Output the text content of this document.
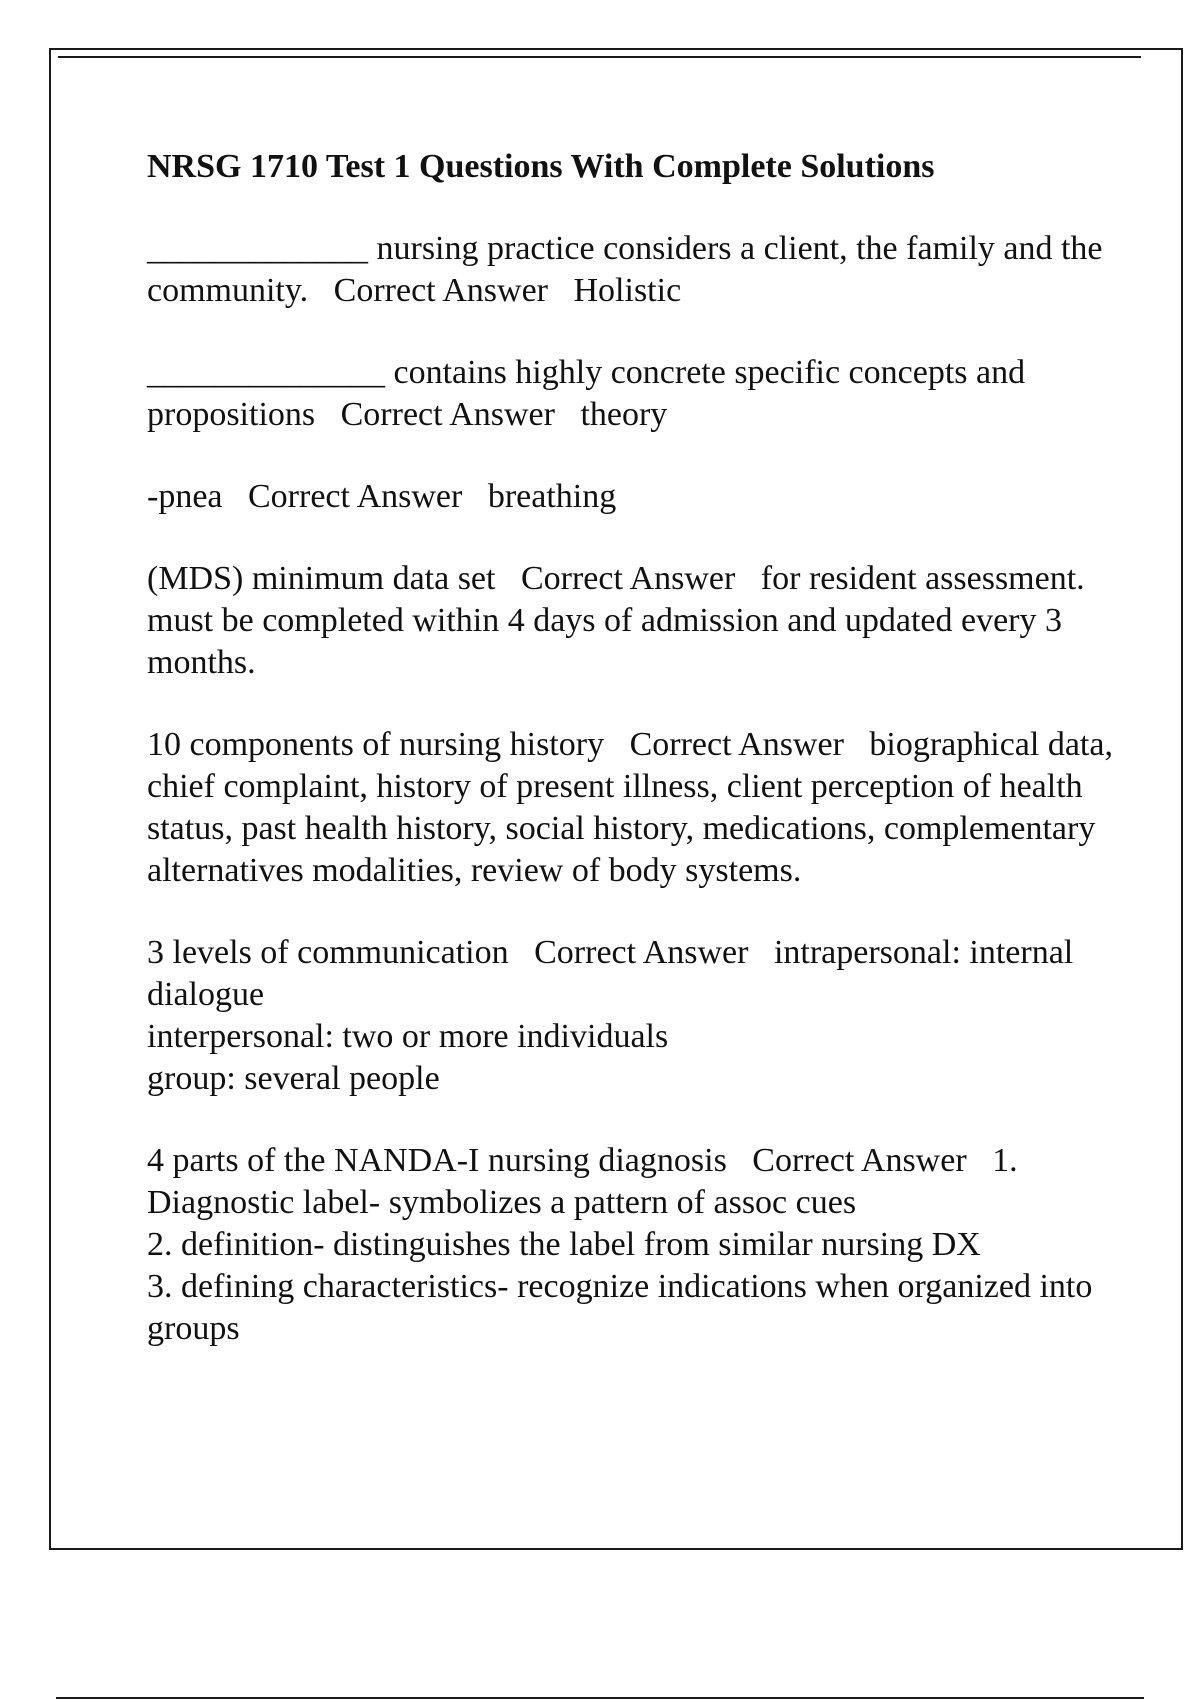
NRSG 1710 Test 1 Questions With Complete Solutions

_____________ nursing practice considers a client, the family and the community.   Correct Answer   Holistic

______________ contains highly concrete specific concepts and propositions   Correct Answer   theory

-pnea   Correct Answer   breathing

(MDS) minimum data set   Correct Answer   for resident assessment. must be completed within 4 days of admission and updated every 3 months.

10 components of nursing history   Correct Answer   biographical data, chief complaint, history of present illness, client perception of health status, past health history, social history, medications, complementary alternatives modalities, review of body systems.

3 levels of communication   Correct Answer   intrapersonal: internal dialogue
interpersonal: two or more individuals
group: several people

4 parts of the NANDA-I nursing diagnosis   Correct Answer   1. Diagnostic label- symbolizes a pattern of assoc cues
2. definition- distinguishes the label from similar nursing DX
3. defining characteristics- recognize indications when organized into groups
